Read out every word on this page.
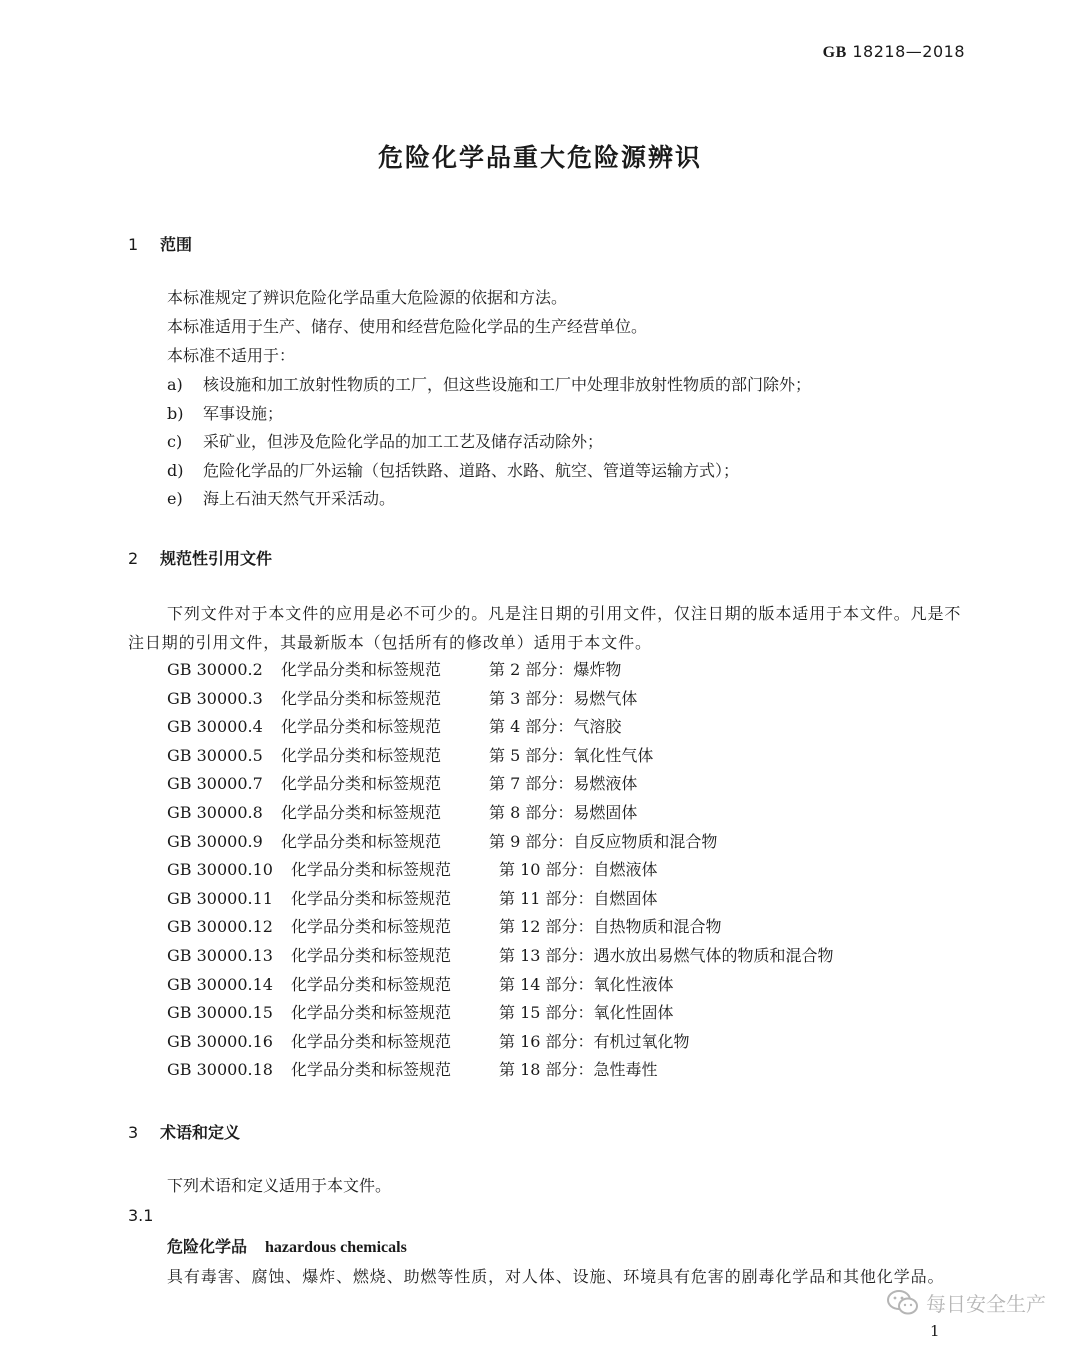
GB 18218—2018
危险化学品重大危险源辨识
1 范围
本标准规定了辨识危险化学品重大危险源的依据和方法。
本标准适用于生产、储存、使用和经营危险化学品的生产经营单位。
本标准不适用于：
a) 核设施和加工放射性物质的工厂，但这些设施和工厂中处理非放射性物质的部门除外；
b) 军事设施；
c) 采矿业，但涉及危险化学品的加工工艺及储存活动除外；
d) 危险化学品的厂外运输（包括铁路、道路、水路、航空、管道等运输方式）；
e) 海上石油天然气开采活动。
2 规范性引用文件
下列文件对于本文件的应用是必不可少的。凡是注日期的引用文件，仅注日期的版本适用于本文件。凡是不注日期的引用文件，其最新版本（包括所有的修改单）适用于本文件。
GB 30000.2 化学品分类和标签规范	第 2 部分：爆炸物
GB 30000.3 化学品分类和标签规范	第 3 部分：易燃气体
GB 30000.4 化学品分类和标签规范	第 4 部分：气溶胶
GB 30000.5 化学品分类和标签规范	第 5 部分：氧化性气体
GB 30000.7 化学品分类和标签规范	第 7 部分：易燃液体
GB 30000.8 化学品分类和标签规范	第 8 部分：易燃固体
GB 30000.9 化学品分类和标签规范	第 9 部分：自反应物质和混合物
GB 30000.10 化学品分类和标签规范	第 10 部分：自燃液体
GB 30000.11 化学品分类和标签规范	第 11 部分：自燃固体
GB 30000.12 化学品分类和标签规范	第 12 部分：自热物质和混合物
GB 30000.13 化学品分类和标签规范	第 13 部分：遇水放出易燃气体的物质和混合物
GB 30000.14 化学品分类和标签规范	第 14 部分：氧化性液体
GB 30000.15 化学品分类和标签规范	第 15 部分：氧化性固体
GB 30000.16 化学品分类和标签规范	第 16 部分：有机过氧化物
GB 30000.18 化学品分类和标签规范	第 18 部分：急性毒性
3 术语和定义
下列术语和定义适用于本文件。
3.1
危险化学品 hazardous chemicals
具有毒害、腐蚀、爆炸、燃烧、助燃等性质，对人体、设施、环境具有危害的剧毒化学品和其他化学品。
每日安全生产
1
